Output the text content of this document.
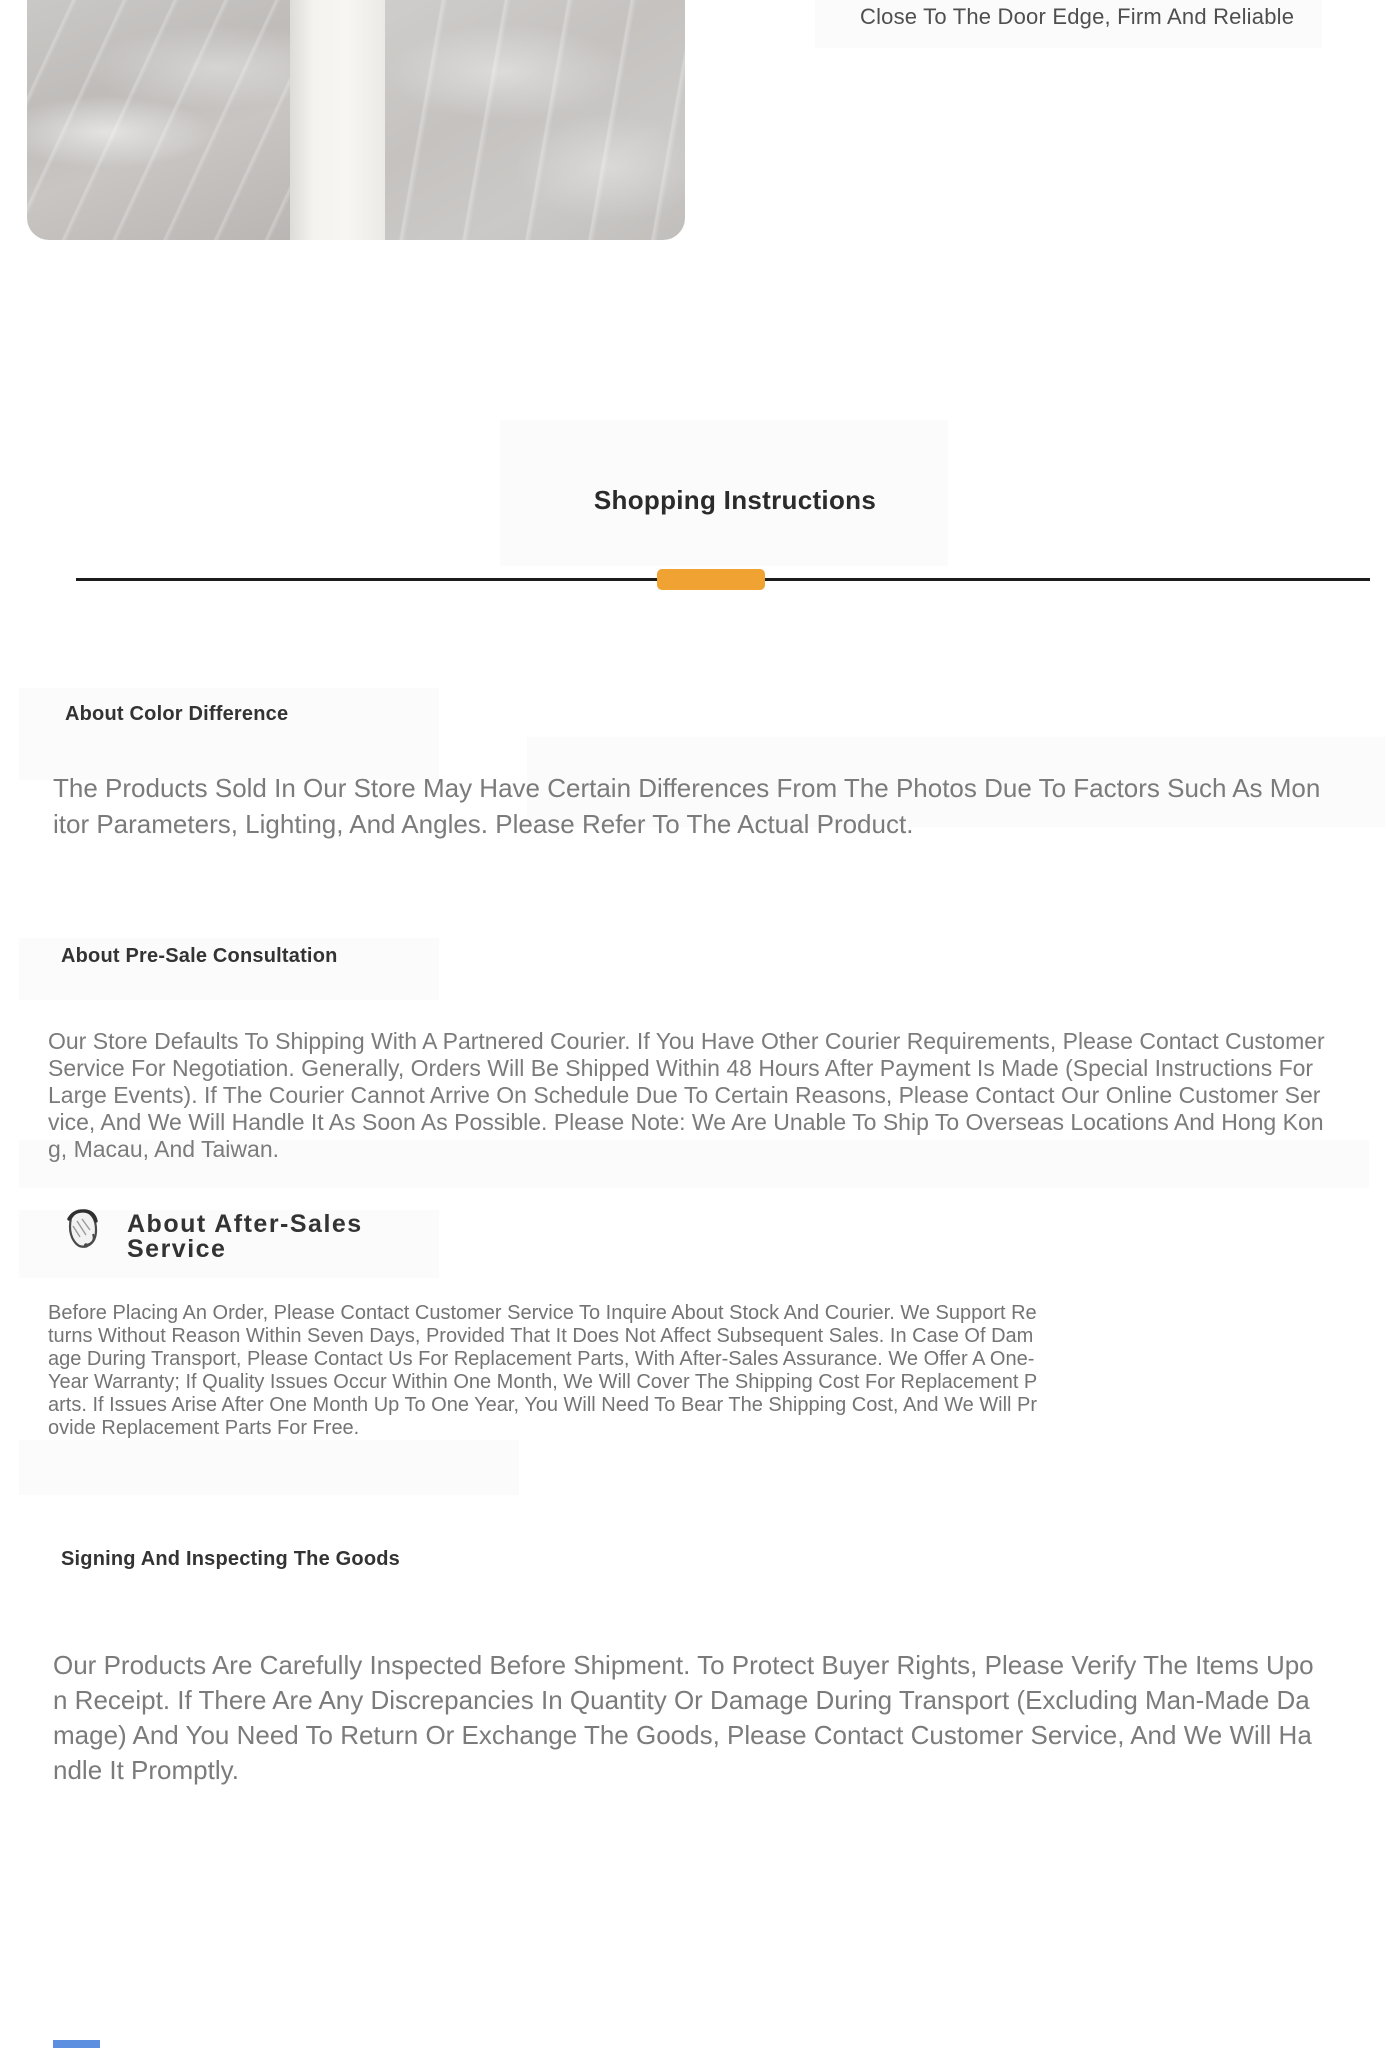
Close To The Door Edge, Firm And Reliable
Shopping Instructions
About Color Difference
The Products Sold In Our Store May Have Certain Differences From The Photos Due To Factors Such As Monitor Parameters, Lighting, And Angles. Please Refer To The Actual Product.
About Pre-Sale Consultation
Our Store Defaults To Shipping With A Partnered Courier. If You Have Other Courier Requirements, Please Contact Customer Service For Negotiation. Generally, Orders Will Be Shipped Within 48 Hours After Payment Is Made (Special Instructions For Large Events). If The Courier Cannot Arrive On Schedule Due To Certain Reasons, Please Contact Our Online Customer Service, And We Will Handle It As Soon As Possible. Please Note: We Are Unable To Ship To Overseas Locations And Hong Kong, Macau, And Taiwan.
About After-Sales Service
Before Placing An Order, Please Contact Customer Service To Inquire About Stock And Courier. We Support Returns Without Reason Within Seven Days, Provided That It Does Not Affect Subsequent Sales. In Case Of Damage During Transport, Please Contact Us For Replacement Parts, With After-Sales Assurance. We Offer A One-Year Warranty; If Quality Issues Occur Within One Month, We Will Cover The Shipping Cost For Replacement Parts. If Issues Arise After One Month Up To One Year, You Will Need To Bear The Shipping Cost, And We Will Provide Replacement Parts For Free.
Signing And Inspecting The Goods
Our Products Are Carefully Inspected Before Shipment. To Protect Buyer Rights, Please Verify The Items Upon Receipt. If There Are Any Discrepancies In Quantity Or Damage During Transport (Excluding Man-Made Damage) And You Need To Return Or Exchange The Goods, Please Contact Customer Service, And We Will Handle It Promptly.
